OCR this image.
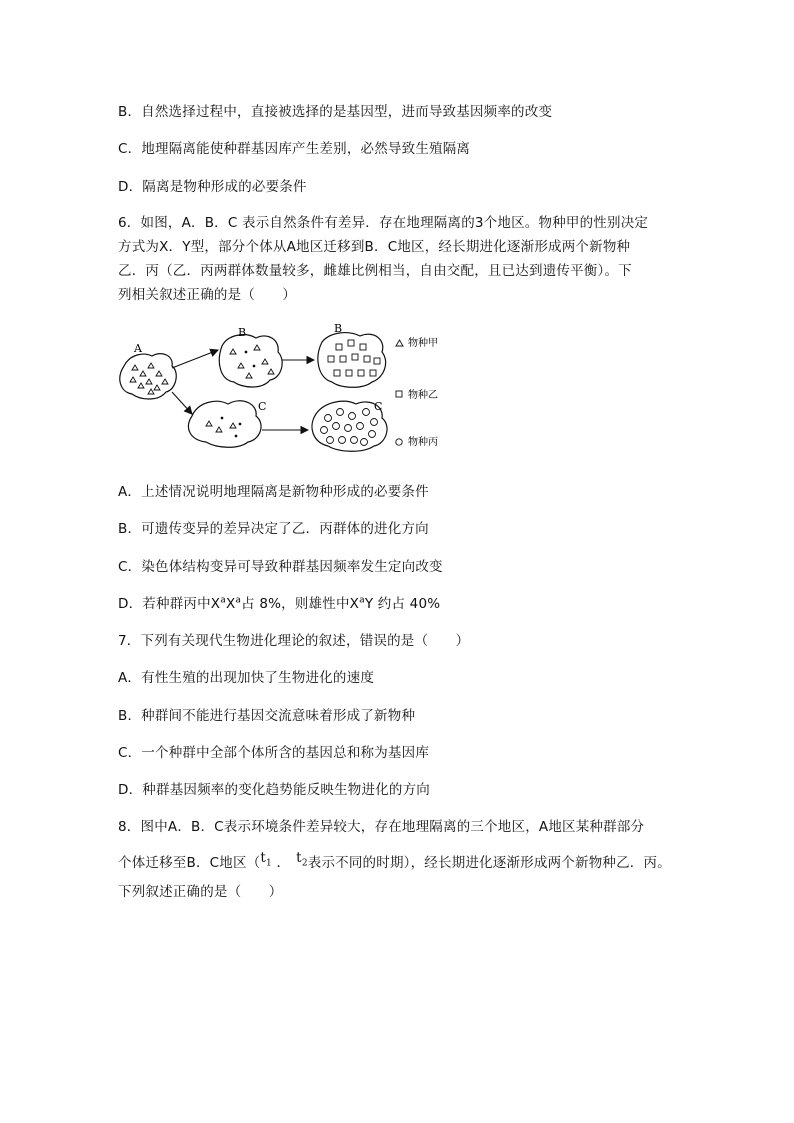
B．自然选择过程中，直接被选择的是基因型，进而导致基因频率的改变
C．地理隔离能使种群基因库产生差别，必然导致生殖隔离
D．隔离是物种形成的必要条件
6．如图，A．B．C 表示自然条件有差异．存在地理隔离的3个地区。物种甲的性别决定
方式为X．Y型，部分个体从A地区迁移到B．C地区，经长期进化逐渐形成两个新物种
乙．丙（乙．丙两群体数量较多，雌雄比例相当，自由交配，且已达到遗传平衡）。下
列相关叙述正确的是（　　）
A
B	B
C	C
物种甲
物种乙
物种丙
A．上述情况说明地理隔离是新物种形成的必要条件
B．可遗传变异的差异决定了乙．丙群体的进化方向
C．染色体结构变异可导致种群基因频率发生定向改变
D．若种群丙中$X^aX^a$占 8%，则雄性中$X^aY$ 约占 40%
7．下列有关现代生物进化理论的叙述，错误的是（　　）
A．有性生殖的出现加快了生物进化的速度
B．种群间不能进行基因交流意味着形成了新物种
C．一个种群中全部个体所含的基因总和称为基因库
D．种群基因频率的变化趋势能反映生物进化的方向
8．图中A．B．C表示环境条件差异较大，存在地理隔离的三个地区，A地区某种群部分
个体迁移至B．C地区（$t_1$ ． $t_2$表示不同的时期），经长期进化逐渐形成两个新物种乙．丙。
下列叙述正确的是（　　）
